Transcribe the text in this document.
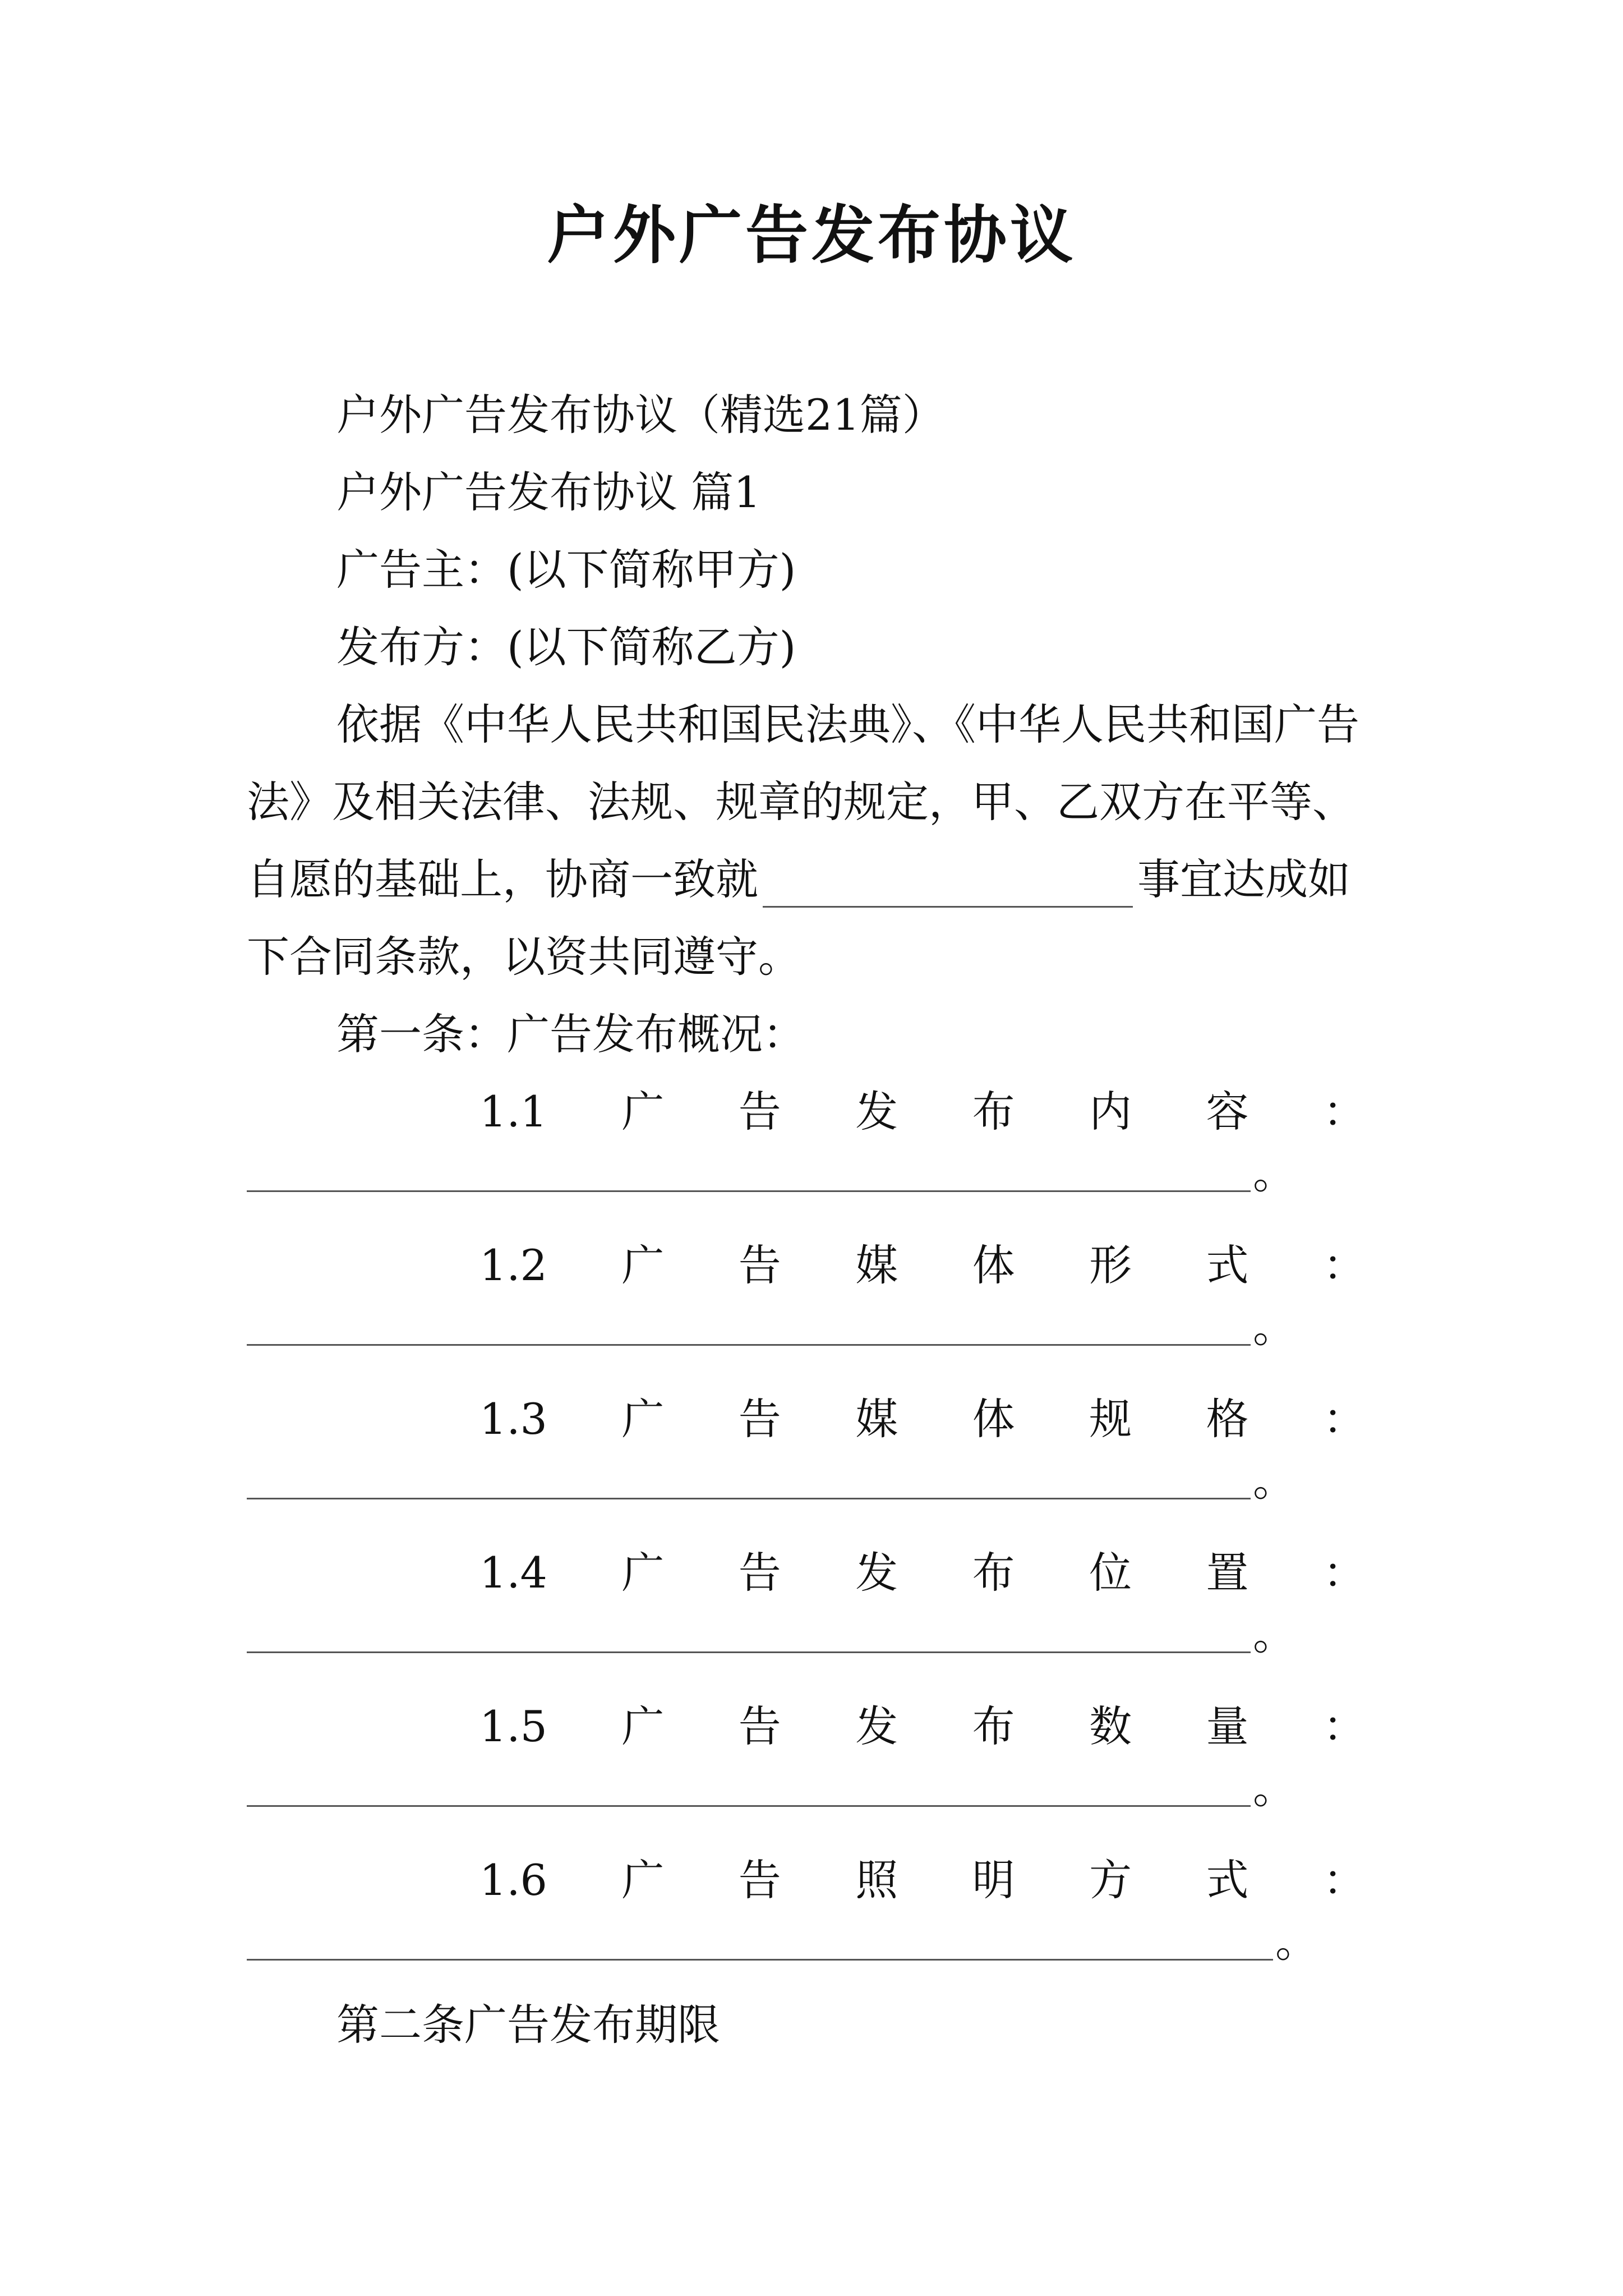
户外广告发布协议
户外广告发布协议（精选21篇）
户外广告发布协议 篇1
广告主：(以下简称甲方)
发布方：(以下简称乙方)
依据《中华人民共和国民法典》、《中华人民共和国广告
法》及相关法律、法规、规章的规定，甲、乙双方在平等、
自愿的基础上，协商一致就	事宜达成如
下合同条款，以资共同遵守。
第一条：广告发布概况：
1.1 广 告 发 布 内 容 ：
。
1.2 广 告 媒 体 形 式 ：
。
1.3 广 告 媒 体 规 格 ：
。
1.4 广 告 发 布 位 置 ：
。
1.5 广 告 发 布 数 量 ：
。
1.6 广 告 照 明 方 式 ：
。
第二条广告发布期限
